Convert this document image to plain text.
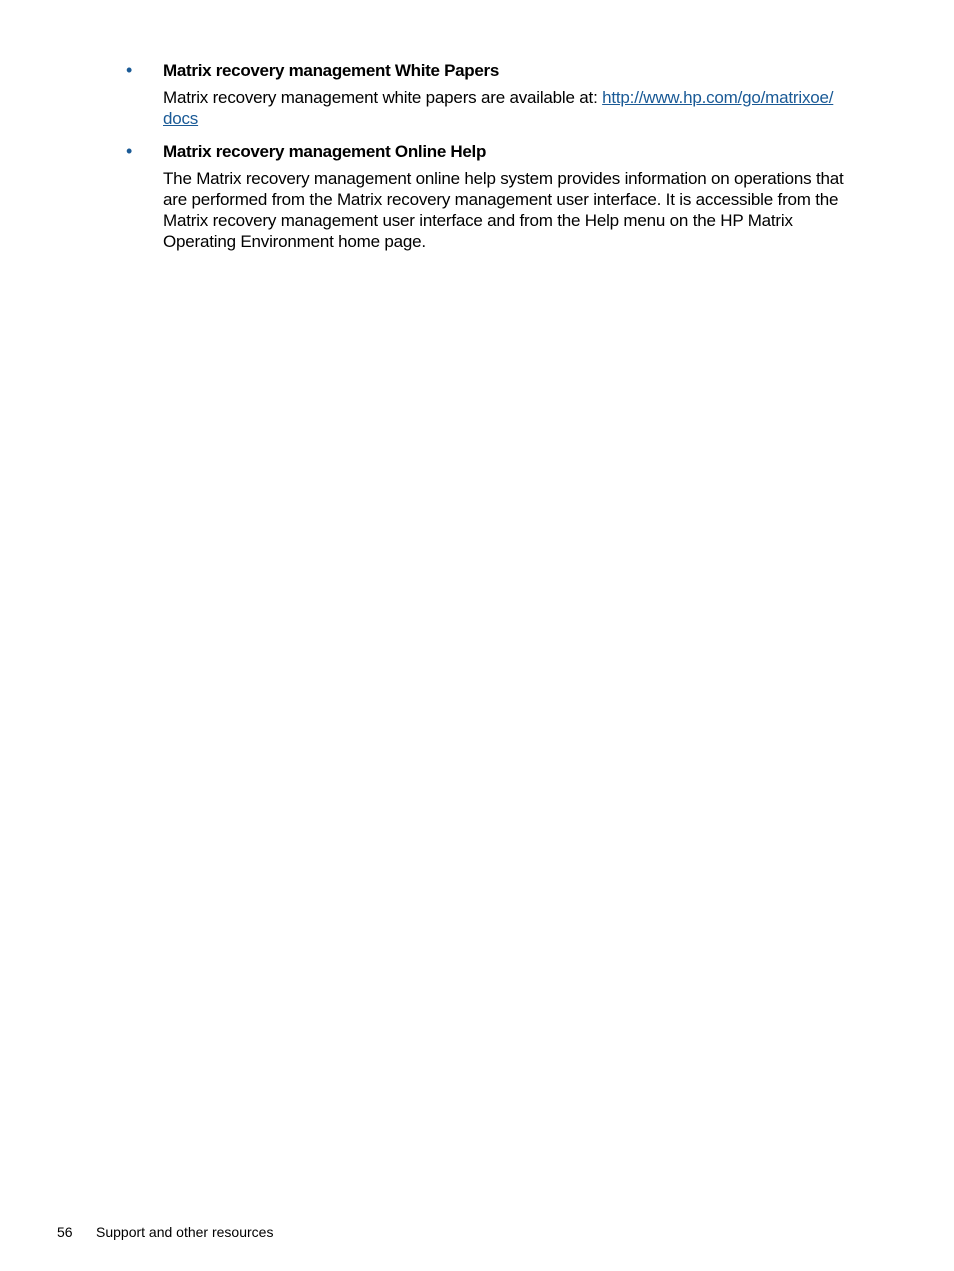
• Matrix recovery management White Papers
Matrix recovery management white papers are available at: http://www.hp.com/go/matrixoe/
docs
• Matrix recovery management Online Help
The Matrix recovery management online help system provides information on operations that
are performed from the Matrix recovery management user interface. It is accessible from the
Matrix recovery management user interface and from the Help menu on the HP Matrix
Operating Environment home page.
56 Support and other resources
